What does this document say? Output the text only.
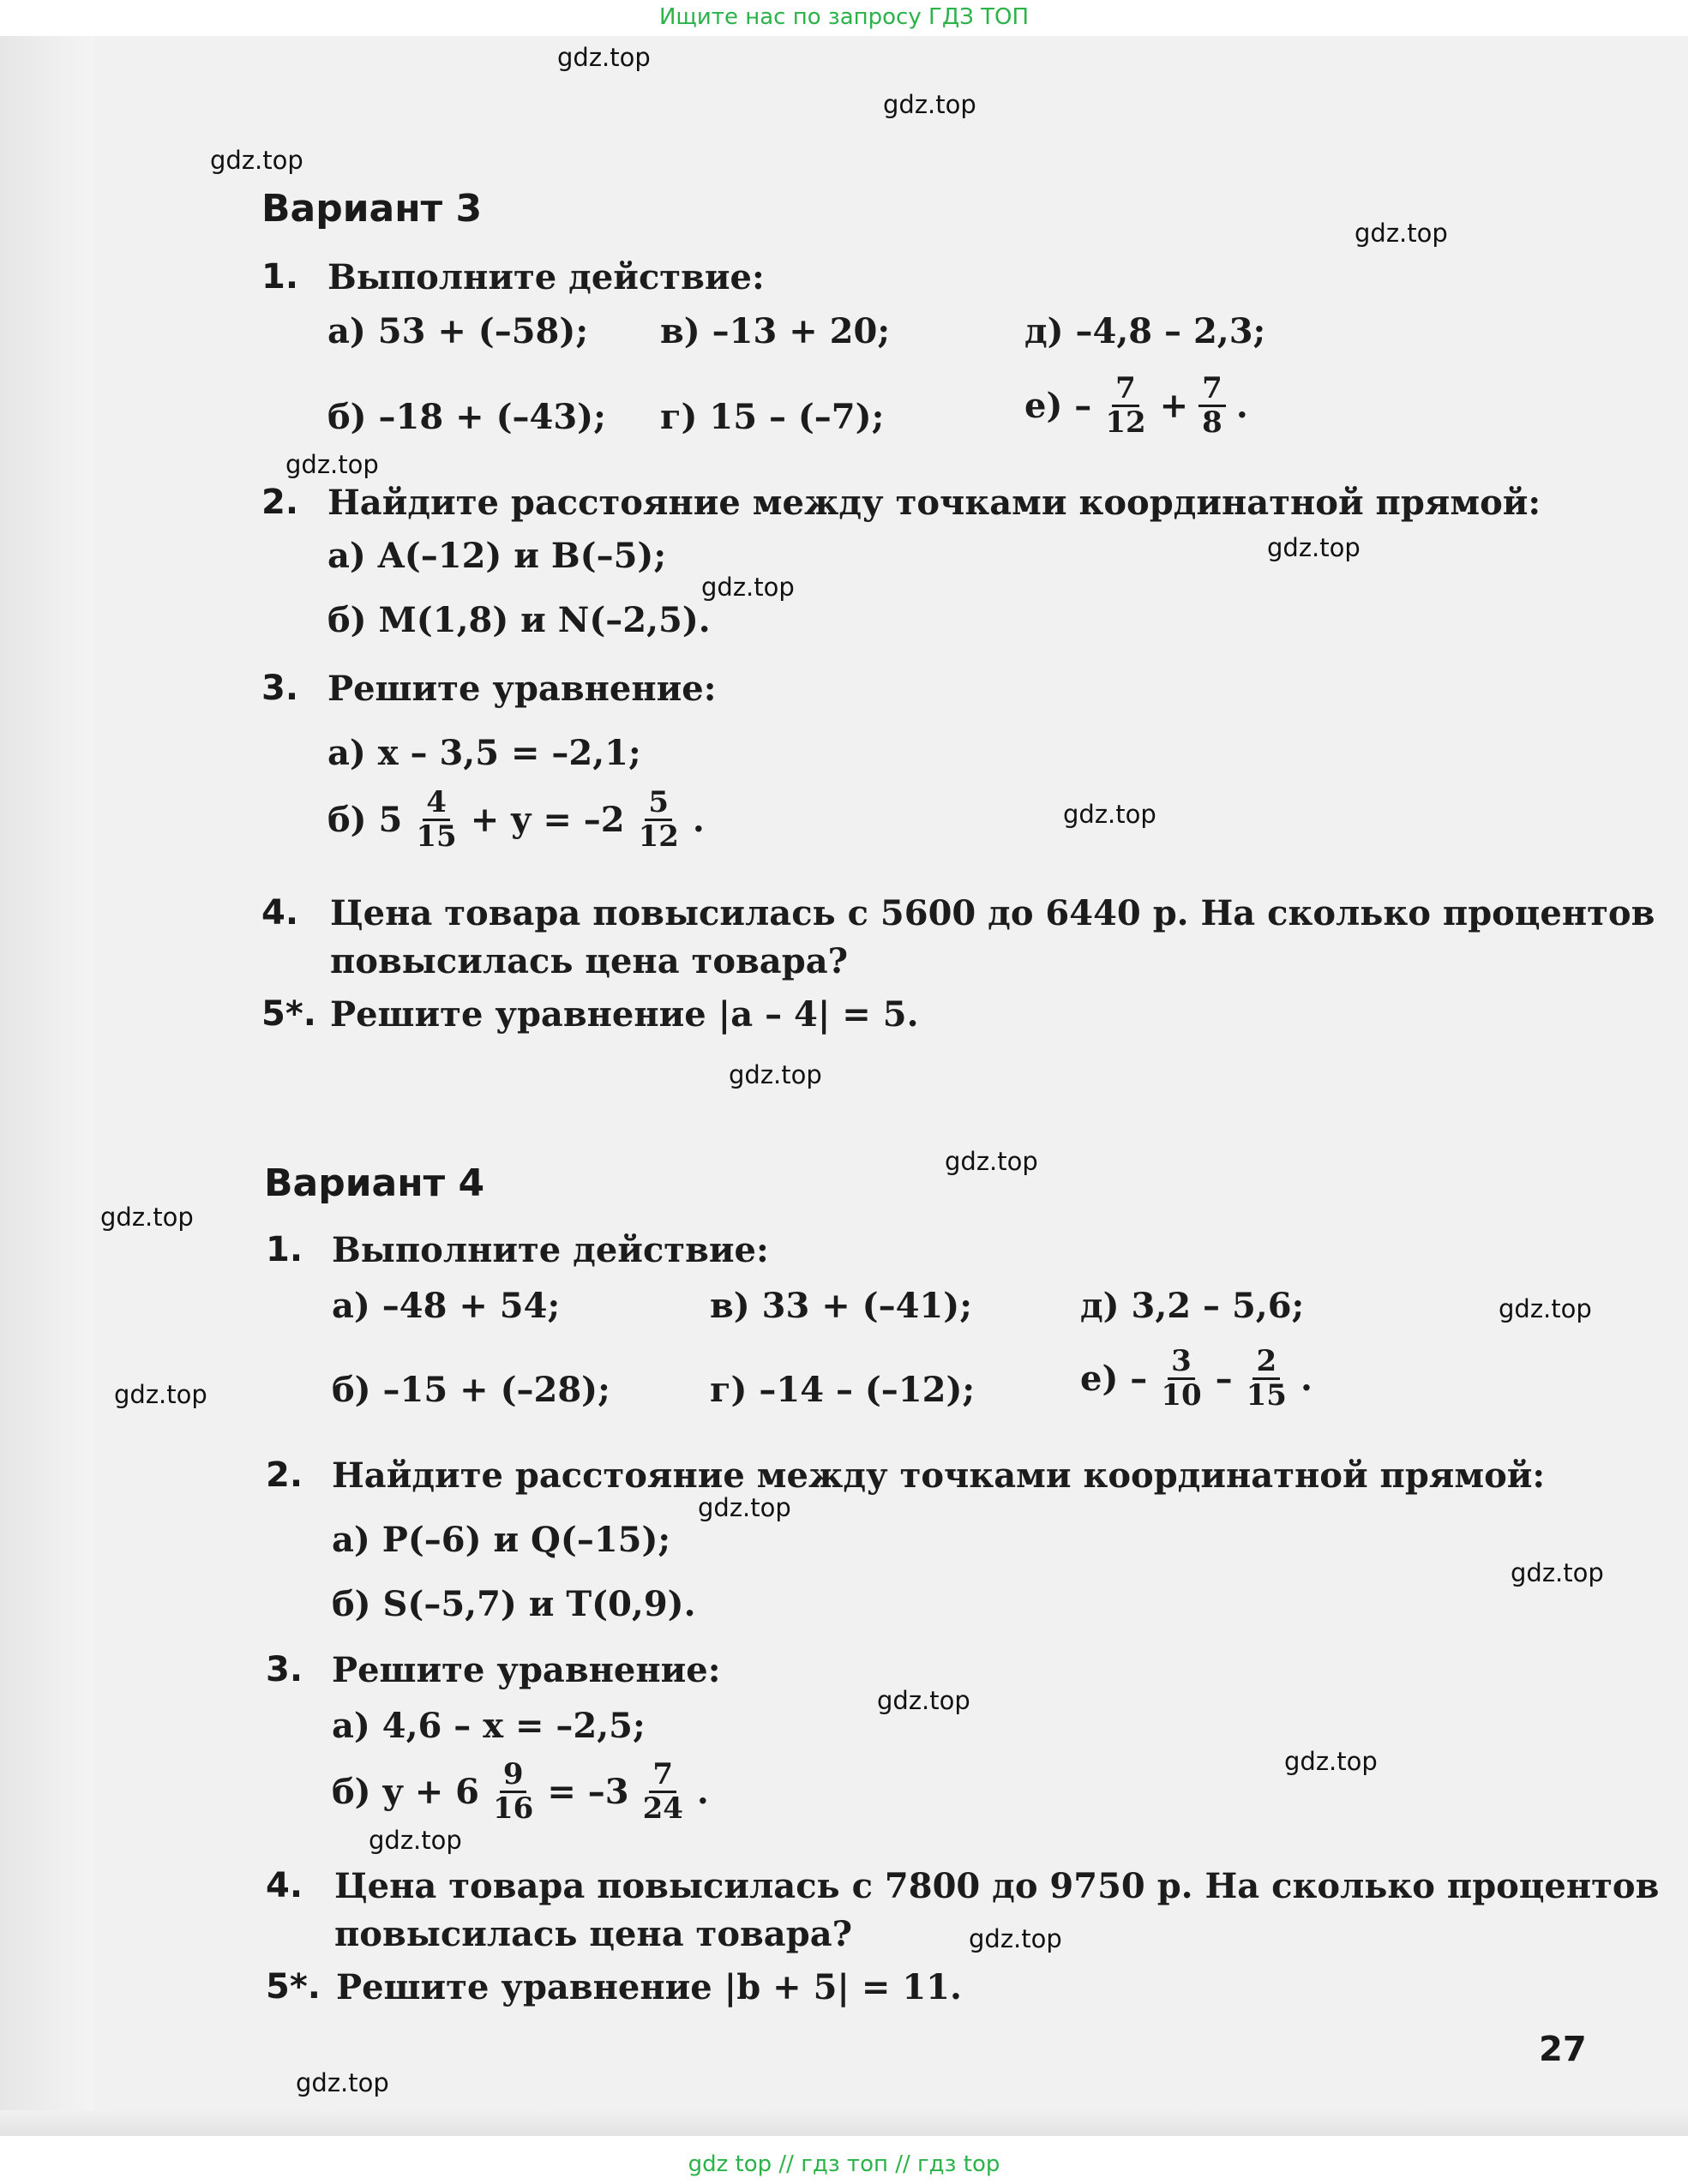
Ищите нас по запросу ГДЗ ТОП
Вариант 3
1. Выполните действие:
а) 53 + (–58); в) –13 + 20;	д) –4,8 – 2,3;
б) –18 + (–43); г) 15 – (–7);	$е) - \frac{7}{12} + \frac{7}{8}$ .
2. Найдите расстояние между точками координатной прямой:
а) A(–12) и B(–5);
б) M(1,8) и N(–2,5).
3. Решите уравнение:
а) x – 3,5 = –2,1;
б) $5 \frac{4}{15} + y = -2 \frac{5}{12}$ .
4. Цена товара повысилась с 5600 до 6440 р. На сколько процентов
повысилась цена товара?
5*. Решите уравнение |a – 4| = 5.
Вариант 4
1. Выполните действие:
а) –48 + 54;	в) 33 + (–41);	д) 3,2 – 5,6;
б) –15 + (–28);	г) –14 – (–12);	$е) - \frac{3}{10} - \frac{2}{15}$ .
2. Найдите расстояние между точками координатной прямой:
а) P(–6) и Q(–15);
б) S(–5,7) и T(0,9).
3. Решите уравнение:
а) 4,6 – x = –2,5;
б) $y + 6 \frac{9}{16} = -3 \frac{7}{24}$ .
4. Цена товара повысилась с 7800 до 9750 р. На сколько процентов
повысилась цена товара?
5*. Решите уравнение |b + 5| = 11.
27
gdz.top
gdz.top
gdz.top
gdz.top
gdz.top
gdz.top
gdz.top
gdz.top
gdz.top
gdz.top
gdz.top
gdz.top
gdz.top
gdz.top
gdz.top
gdz.top
gdz.top
gdz.top
gdz.top
gdz.top
gdz top // гдз топ // гдз top
